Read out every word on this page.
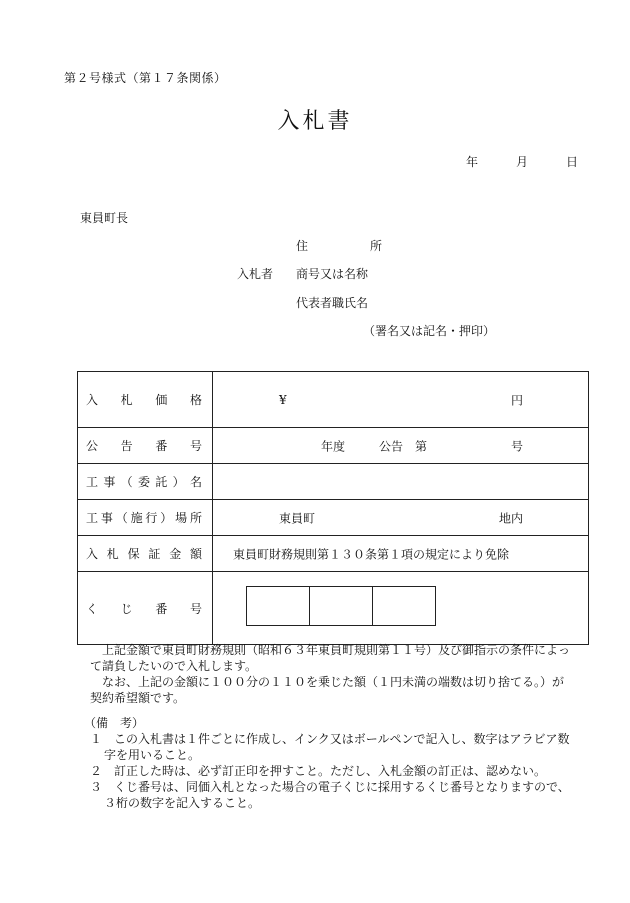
第２号様式（第１７条関係）
入札書
年	月	日
東員町長
住	所
入札者 商号又は名称
代表者職氏名
（署名又は記名・押印）
入 札 価 格	¥ 円

公 告 番 号	年度 公告　第 号

工事（委託）名	

工事（施行）場所	東員町 地内

入 札 保 証 金 額	東員町財務規則第１３０条第１項の規定により免除

く じ 番 号	

上記金額で東員町財務規則（昭和６３年東員町規則第１１号）及び御指示の条件によって請負したいので入札します。

なお、上記の金額に１００分の１１０を乗じた額（１円未満の端数は切り捨てる。）が契約希望額です。

（備　考）

１　この入札書は１件ごとに作成し、インク又はボールペンで記入し、数字はアラビア数字を用いること。

２　訂正した時は、必ず訂正印を押すこと。ただし、入札金額の訂正は、認めない。

３　くじ番号は、同価入札となった場合の電子くじに採用するくじ番号となりますので、３桁の数字を記入すること。
